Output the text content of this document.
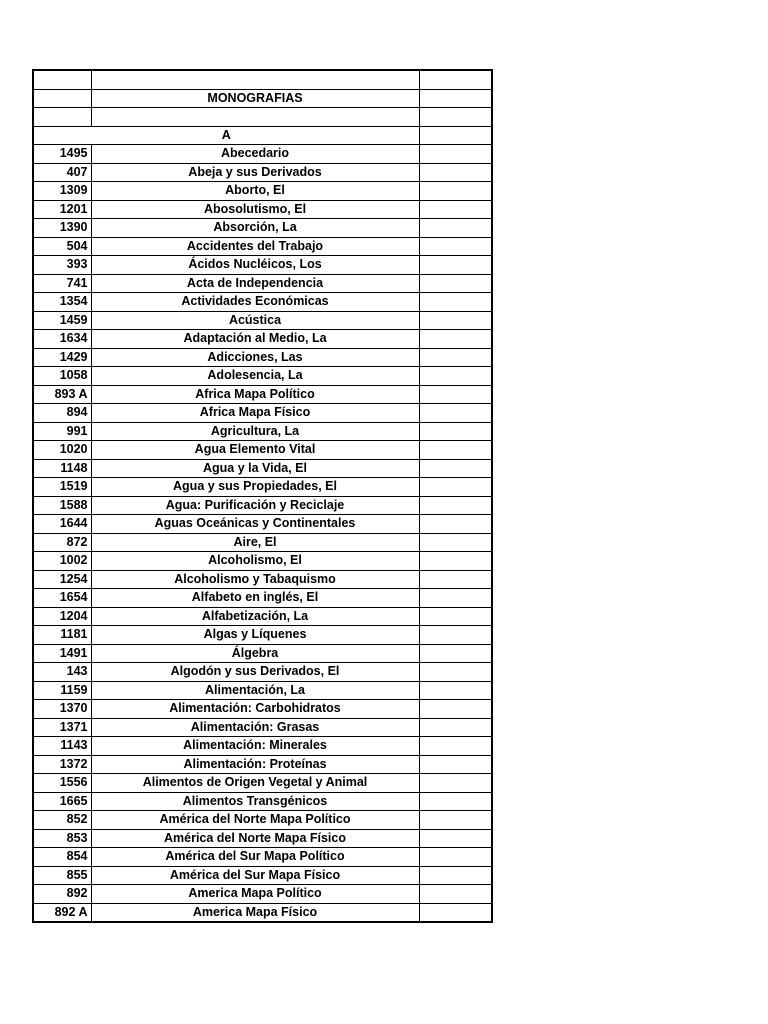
	MONOGRAFIAS	

A		
1495	Abecedario	
407	Abeja y sus Derivados	
1309	Aborto, El	
1201	Abosolutismo, El	
1390	Absorción, La	
504	Accidentes del Trabajo	
393	Ácidos Nucléicos, Los	
741	Acta de Independencia	
1354	Actividades Económicas	
1459	Acústica	
1634	Adaptación al Medio, La	
1429	Adicciones, Las	
1058	Adolesencia, La	
893 A	Africa Mapa Político	
894	Africa Mapa Físico	
991	Agricultura, La	
1020	Agua Elemento Vital	
1148	Agua y la Vida, El	
1519	Agua y sus Propiedades, El	
1588	Agua: Purificación y Reciclaje	
1644	Aguas Oceánicas y Continentales	
872	Aire, El	
1002	Alcoholismo, El	
1254	Alcoholismo y Tabaquismo	
1654	Alfabeto en inglés, El	
1204	Alfabetización, La	
1181	Algas y Líquenes	
1491	Álgebra	
143	Algodón y sus Derivados, El	
1159	Alimentación, La	
1370	Alimentación: Carbohidratos	
1371	Alimentación: Grasas	
1143	Alimentación: Minerales	
1372	Alimentación: Proteínas	
1556	Alimentos de Origen Vegetal y Animal	
1665	Alimentos Transgénicos	
852	América del Norte Mapa Político	
853	América del Norte Mapa Físico	
854	América del Sur Mapa Político	
855	América del Sur Mapa Físico	
892	America Mapa Político	
892 A	America Mapa Físico	
